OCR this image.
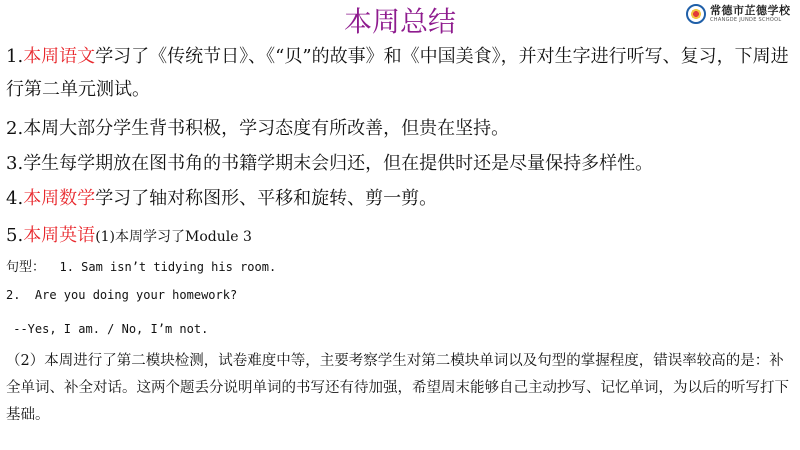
本周总结	常德市芷德学校
CHANGDE JUNDE SCHOOL

1.本周语文学习了《传统节日》、《“贝”的故事》和《中国美食》，并对生字进行听写、复习，下周进行第二单元测试。

2.本周大部分学生背书积极，学习态度有所改善，但贵在坚持。

3.学生每学期放在图书角的书籍学期末会归还，但在提供时还是尽量保持多样性。

4.本周数学学习了轴对称图形、平移和旋转、剪一剪。

5.本周英语(1)本周学习了Module 3

句型：  1. Sam isn’t tidying his room.

2.  Are you doing your homework?

--Yes, I am. / No, I’m not.

（2）本周进行了第二模块检测，试卷难度中等，主要考察学生对第二模块单词以及句型的掌握程度，错误率较高的是：补全单词、补全对话。这两个题丢分说明单词的书写还有待加强，希望周末能够自己主动抄写、记忆单词，为以后的听写打下基础。
